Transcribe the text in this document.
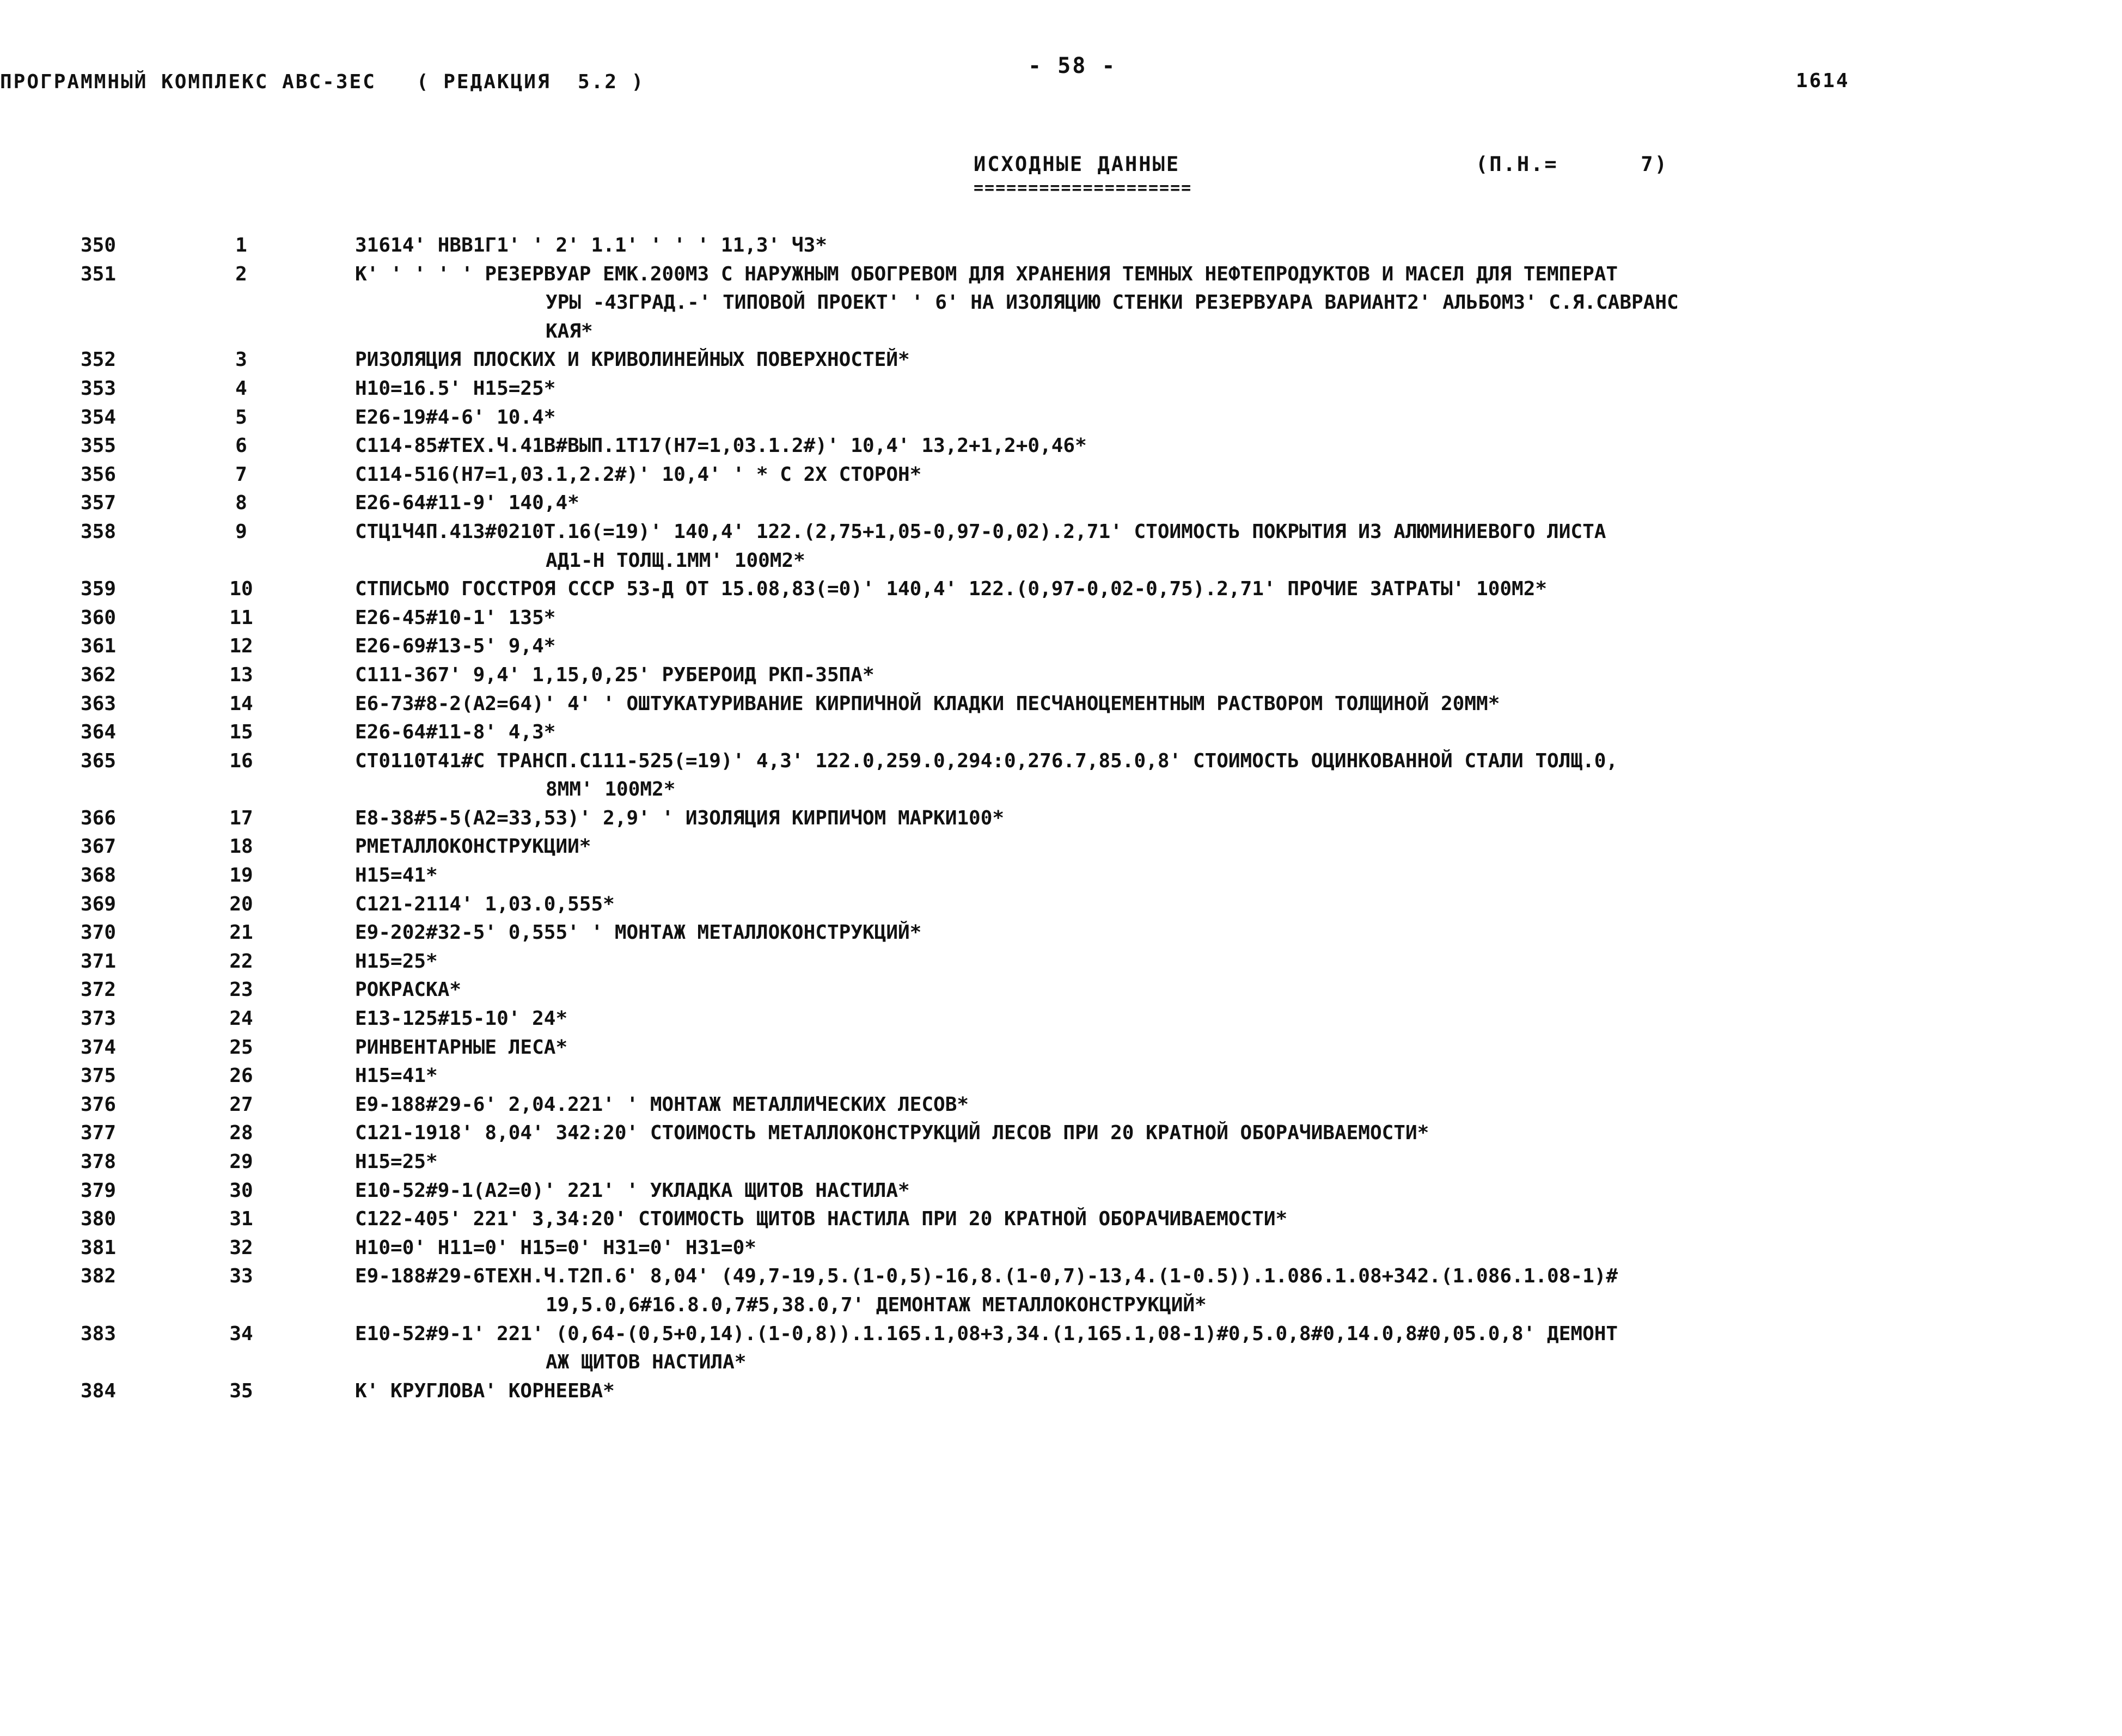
ПРОГРАММНЫЙ КОМПЛЕКС АВС-3ЕС   ( РЕДАКЦИЯ  5.2 )
- 58 -
1614
ИСХОДНЫЕ ДАННЫЕ
====================
(П.Н.=      7)
350	1	31614' НВВ1Г1' ' 2' 1.1' ' ' ' 11,3' Ч3*
351	2	К' ' ' ' ' РЕЗЕРВУАР ЕМК.200М3 С НАРУЖНЫМ ОБОГРЕВОМ ДЛЯ ХРАНЕНИЯ ТЕМНЫХ НЕФТЕПРОДУКТОВ И МАСЕЛ ДЛЯ ТЕМПЕРАТ
УРЫ -43ГРАД.-' ТИПОВОЙ ПРОЕКТ' ' 6' НА ИЗОЛЯЦИЮ СТЕНКИ РЕЗЕРВУАРА ВАРИАНТ2' АЛЬБОМ3' С.Я.САВРАНС
КАЯ*
352	3	РИЗОЛЯЦИЯ ПЛОСКИХ И КРИВОЛИНЕЙНЫХ ПОВЕРХНОСТЕЙ*
353	4	Н10=16.5' Н15=25*
354	5	Е26-19#4-6' 10.4*
355	6	С114-85#ТЕХ.Ч.41В#ВЫП.1Т17(Н7=1,03.1.2#)' 10,4' 13,2+1,2+0,46*
356	7	С114-516(Н7=1,03.1,2.2#)' 10,4' ' * С 2Х СТОРОН*
357	8	Е26-64#11-9' 140,4*
358	9	СТЦ1Ч4П.413#0210Т.16(=19)' 140,4' 122.(2,75+1,05-0,97-0,02).2,71' СТОИМОСТЬ ПОКРЫТИЯ ИЗ АЛЮМИНИЕВОГО ЛИСТА
АД1-Н ТОЛЩ.1ММ' 100М2*
359	10	СТПИСЬМО ГОССТРОЯ СССР 53-Д ОТ 15.08,83(=0)' 140,4' 122.(0,97-0,02-0,75).2,71' ПРОЧИЕ ЗАТРАТЫ' 100М2*
360	11	Е26-45#10-1' 135*
361	12	Е26-69#13-5' 9,4*
362	13	С111-367' 9,4' 1,15,0,25' РУБЕРОИД РКП-35ПА*
363	14	Е6-73#8-2(А2=64)' 4' ' ОШТУКАТУРИВАНИЕ КИРПИЧНОЙ КЛАДКИ ПЕСЧАНОЦЕМЕНТНЫМ РАСТВОРОМ ТОЛЩИНОЙ 20ММ*
364	15	Е26-64#11-8' 4,3*
365	16	СТ0110Т41#С ТРАНСП.С111-525(=19)' 4,3' 122.0,259.0,294:0,276.7,85.0,8' СТОИМОСТЬ ОЦИНКОВАННОЙ СТАЛИ ТОЛЩ.0,
8ММ' 100М2*
366	17	Е8-38#5-5(А2=33,53)' 2,9' ' ИЗОЛЯЦИЯ КИРПИЧОМ МАРКИ100*
367	18	РМЕТАЛЛОКОНСТРУКЦИИ*
368	19	Н15=41*
369	20	С121-2114' 1,03.0,555*
370	21	Е9-202#32-5' 0,555' ' МОНТАЖ МЕТАЛЛОКОНСТРУКЦИЙ*
371	22	Н15=25*
372	23	РОКРАСКА*
373	24	Е13-125#15-10' 24*
374	25	РИНВЕНТАРНЫЕ ЛЕСА*
375	26	Н15=41*
376	27	Е9-188#29-6' 2,04.221' ' МОНТАЖ МЕТАЛЛИЧЕСКИХ ЛЕСОВ*
377	28	С121-1918' 8,04' 342:20' СТОИМОСТЬ МЕТАЛЛОКОНСТРУКЦИЙ ЛЕСОВ ПРИ 20 КРАТНОЙ ОБОРАЧИВАЕМОСТИ*
378	29	Н15=25*
379	30	Е10-52#9-1(А2=0)' 221' ' УКЛАДКА ЩИТОВ НАСТИЛА*
380	31	С122-405' 221' 3,34:20' СТОИМОСТЬ ЩИТОВ НАСТИЛА ПРИ 20 КРАТНОЙ ОБОРАЧИВАЕМОСТИ*
381	32	Н10=0' Н11=0' Н15=0' Н31=0' Н31=0*
382	33	Е9-188#29-6ТЕХН.Ч.Т2П.6' 8,04' (49,7-19,5.(1-0,5)-16,8.(1-0,7)-13,4.(1-0.5)).1.086.1.08+342.(1.086.1.08-1)#
19,5.0,6#16.8.0,7#5,38.0,7' ДЕМОНТАЖ МЕТАЛЛОКОНСТРУКЦИЙ*
383	34	Е10-52#9-1' 221' (0,64-(0,5+0,14).(1-0,8)).1.165.1,08+3,34.(1,165.1,08-1)#0,5.0,8#0,14.0,8#0,05.0,8' ДЕМОНТ
АЖ ЩИТОВ НАСТИЛА*
384	35	К' КРУГЛОВА' КОРНЕЕВА*
